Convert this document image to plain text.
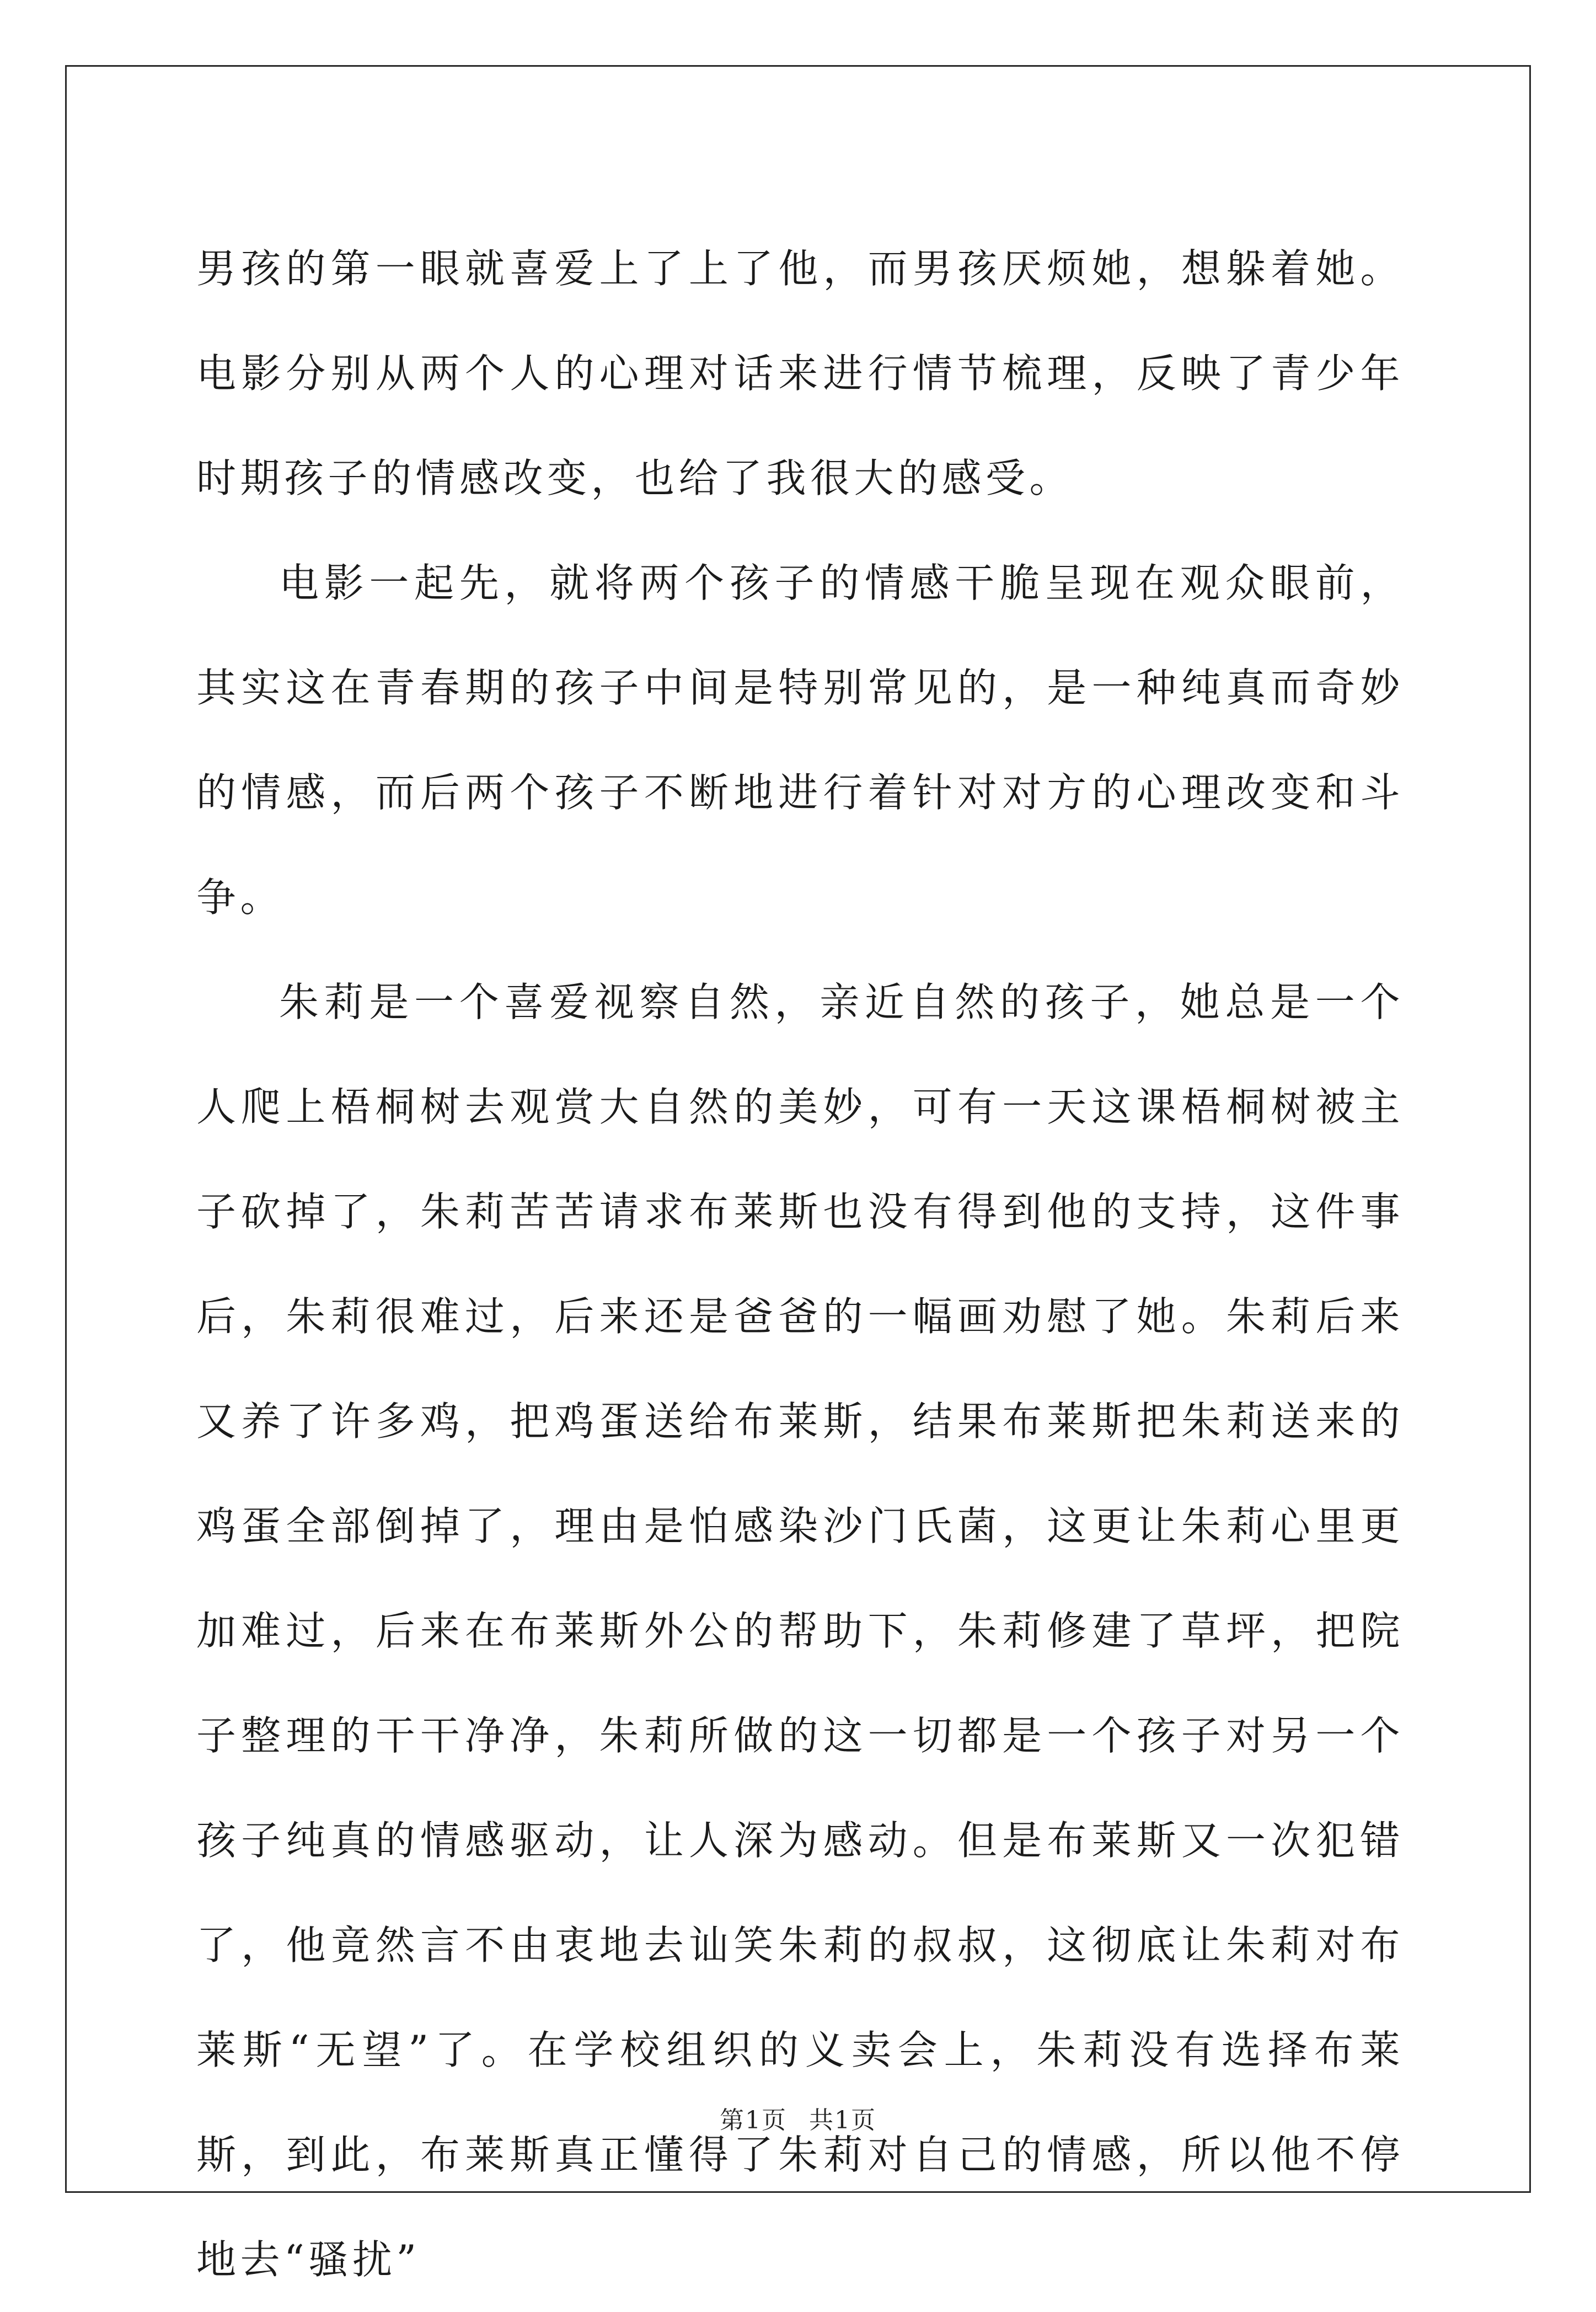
男孩的第一眼就喜爱上了上了他，而男孩厌烦她，想躲着她。电影分别从两个人的心理对话来进行情节梳理，反映了青少年时期孩子的情感改变，也给了我很大的感受。

电影一起先，就将两个孩子的情感干脆呈现在观众眼前，其实这在青春期的孩子中间是特别常见的，是一种纯真而奇妙的情感，而后两个孩子不断地进行着针对对方的心理改变和斗争。

朱莉是一个喜爱视察自然，亲近自然的孩子，她总是一个人爬上梧桐树去观赏大自然的美妙，可有一天这课梧桐树被主子砍掉了，朱莉苦苦请求布莱斯也没有得到他的支持，这件事后，朱莉很难过，后来还是爸爸的一幅画劝慰了她。朱莉后来又养了许多鸡，把鸡蛋送给布莱斯，结果布莱斯把朱莉送来的鸡蛋全部倒掉了，理由是怕感染沙门氏菌，这更让朱莉心里更加难过，后来在布莱斯外公的帮助下，朱莉修建了草坪，把院子整理的干干净净，朱莉所做的这一切都是一个孩子对另一个孩子纯真的情感驱动，让人深为感动。但是布莱斯又一次犯错了，他竟然言不由衷地去讪笑朱莉的叔叔，这彻底让朱莉对布莱斯“无望”了。在学校组织的义卖会上，朱莉没有选择布莱斯，到此，布莱斯真正懂得了朱莉对自己的情感，所以他不停地去“骚扰”

第1页 共1页
